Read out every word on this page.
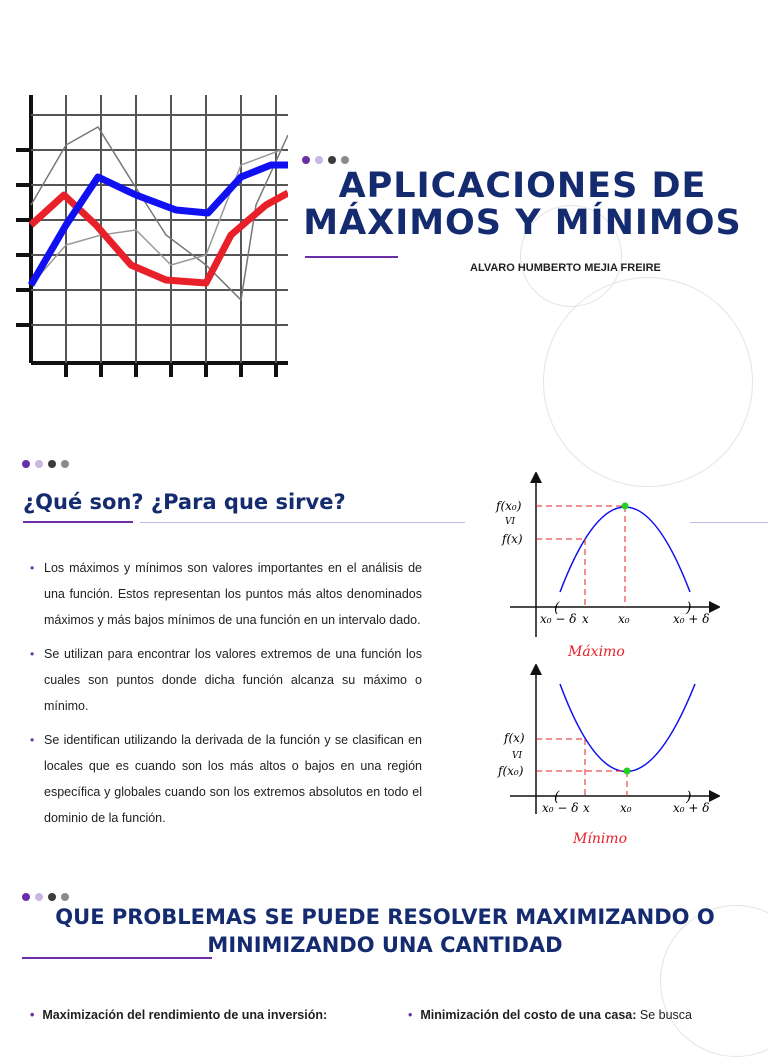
APLICACIONES DE
MÁXIMOS Y MÍNIMOS
ALVARO HUMBERTO MEJIA FREIRE
¿Qué son? ¿Para que sirve?
• Los máximos y mínimos son valores importantes en el análisis de una función. Estos representan los puntos más altos denominados máximos y más bajos mínimos de una función en un intervalo dado.
• Se utilizan para encontrar los valores extremos de una función los cuales son puntos donde dicha función alcanza su máximo o mínimo.
• Se identifican utilizando la derivada de la función y se clasifican en locales que es cuando son los más altos o bajos en una región específica y globales cuando son los extremos absolutos en todo el dominio de la función.
f(x₀)
VI
f(x)
x₀ − δ
(
x x₀
)
x₀ + δ
Máximo
f(x)
VI
f(x₀)
x₀ − δ
(
x	x₀
)
x₀ + δ
Mínimo
QUE PROBLEMAS SE PUEDE RESOLVER MAXIMIZANDO O
MINIMIZANDO UNA CANTIDAD
• Maximización del rendimiento de una inversión:	• Minimización del costo de una casa: Se busca
